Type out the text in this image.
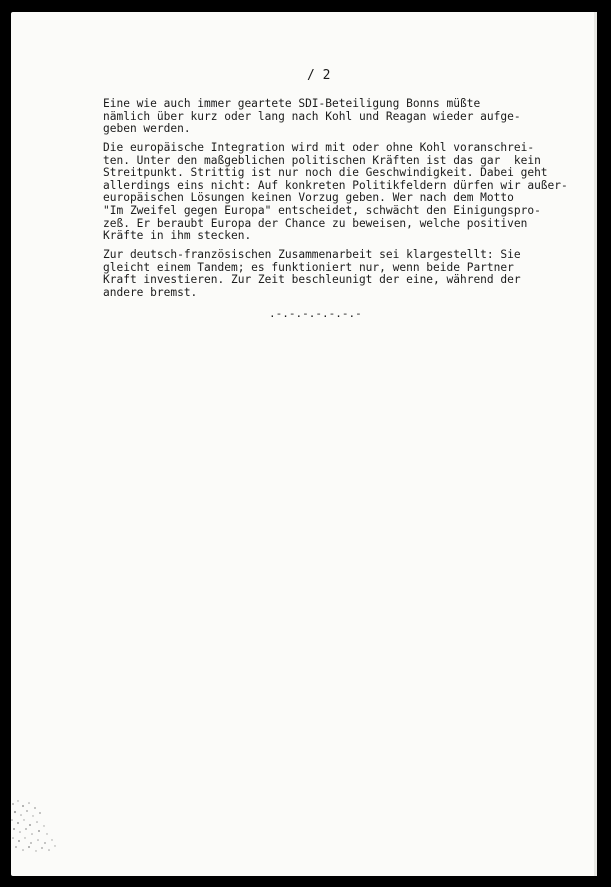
/ 2
Eine wie auch immer geartete SDI-Beteiligung Bonns müßte
nämlich über kurz oder lang nach Kohl und Reagan wieder aufge-
geben werden.
Die europäische Integration wird mit oder ohne Kohl voranschrei-
ten. Unter den maßgeblichen politischen Kräften ist das gar  kein
Streitpunkt. Strittig ist nur noch die Geschwindigkeit. Dabei geht
allerdings eins nicht: Auf konkreten Politikfeldern dürfen wir außer-
europäischen Lösungen keinen Vorzug geben. Wer nach dem Motto
"Im Zweifel gegen Europa" entscheidet, schwächt den Einigungspro-
zeß. Er beraubt Europa der Chance zu beweisen, welche positiven
Kräfte in ihm stecken.
Zur deutsch-französischen Zusammenarbeit sei klargestellt: Sie
gleicht einem Tandem; es funktioniert nur, wenn beide Partner
Kraft investieren. Zur Zeit beschleunigt der eine, während der
andere bremst.
.-.-.-.-.-.-.-
